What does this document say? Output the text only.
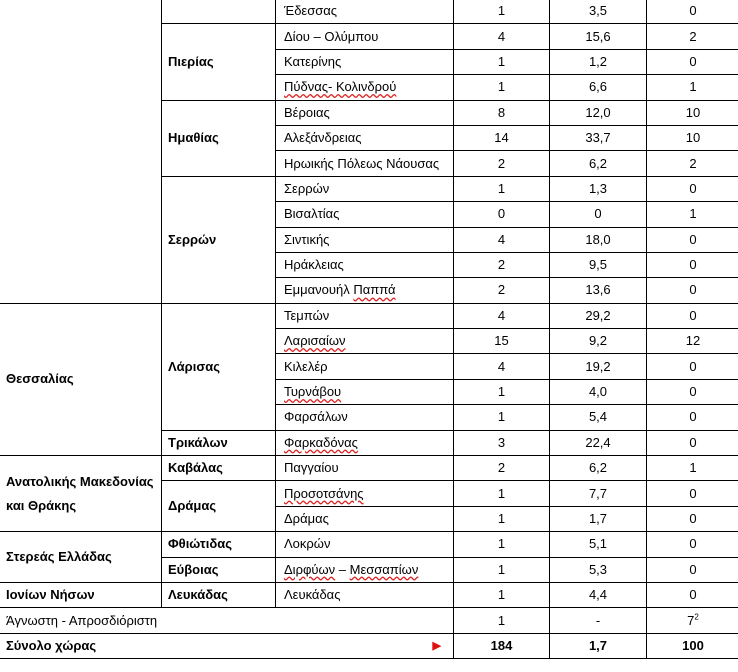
		Έδεσσας	1	3,5	0
	Πιερίας	Δίου – Ολύμπου	4	15,6	2
		Κατερίνης	1	1,2	0
		Πύδνας- Κολινδρού	1	6,6	1
	Ημαθίας	Βέροιας	8	12,0	10
		Αλεξάνδρειας	14	33,7	10
		Ηρωικής Πόλεως Νάουσας	2	6,2	2
	Σερρών	Σερρών	1	1,3	0
		Βισαλτίας	0	0	1
		Σιντικής	4	18,0	0
		Ηράκλειας	2	9,5	0
		Εμμανουήλ Παππά	2	13,6	0
Θεσσαλίας	Λάρισας	Τεμπών	4	29,2	0
		Λαρισαίων	15	9,2	12
		Κιλελέρ	4	19,2	0
		Τυρνάβου	1	4,0	0
		Φαρσάλων	1	5,4	0
	Τρικάλων	Φαρκαδόνας	3	22,4	0
Ανατολικής Μακεδονίας και Θράκης	Καβάλας	Παγγαίου	2	6,2	1
	Δράμας	Προσοτσάνης	1	7,7	0
		Δράμας	1	1,7	0
Στερεάς Ελλάδας	Φθιώτιδας	Λοκρών	1	5,1	0
	Εύβοιας	Διρφύων – Μεσσαπίων	1	5,3	0
Ιονίων Νήσων	Λευκάδας	Λευκάδας	1	4,4	0
Άγνωστη - Απροσδιόριστη			1	-	$7^2$
Σύνολο χώρας ▶			184	1,7	100
